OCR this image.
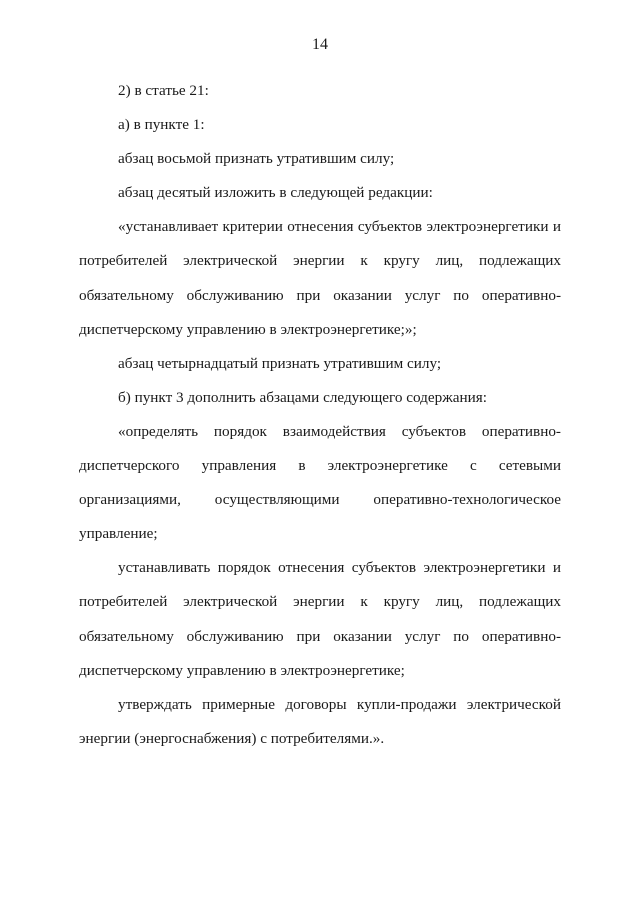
14

2) в статье 21:

а) в пункте 1:

абзац восьмой признать утратившим силу;

абзац десятый изложить в следующей редакции:

«устанавливает критерии отнесения субъектов электроэнергетики и потребителей электрической энергии к кругу лиц, подлежащих обязательному обслуживанию при оказании услуг по оперативно-диспетчерскому управлению в электроэнергетике;»;

абзац четырнадцатый признать утратившим силу;

б) пункт 3 дополнить абзацами следующего содержания:

«определять порядок взаимодействия субъектов оперативно-диспетчерского управления в электроэнергетике с сетевыми организациями, осуществляющими оперативно-технологическое управление;

устанавливать порядок отнесения субъектов электроэнергетики и потребителей электрической энергии к кругу лиц, подлежащих обязательному обслуживанию при оказании услуг по оперативно-диспетчерскому управлению в электроэнергетике;

утверждать примерные договоры купли-продажи электрической энергии (энергоснабжения) с потребителями.».
